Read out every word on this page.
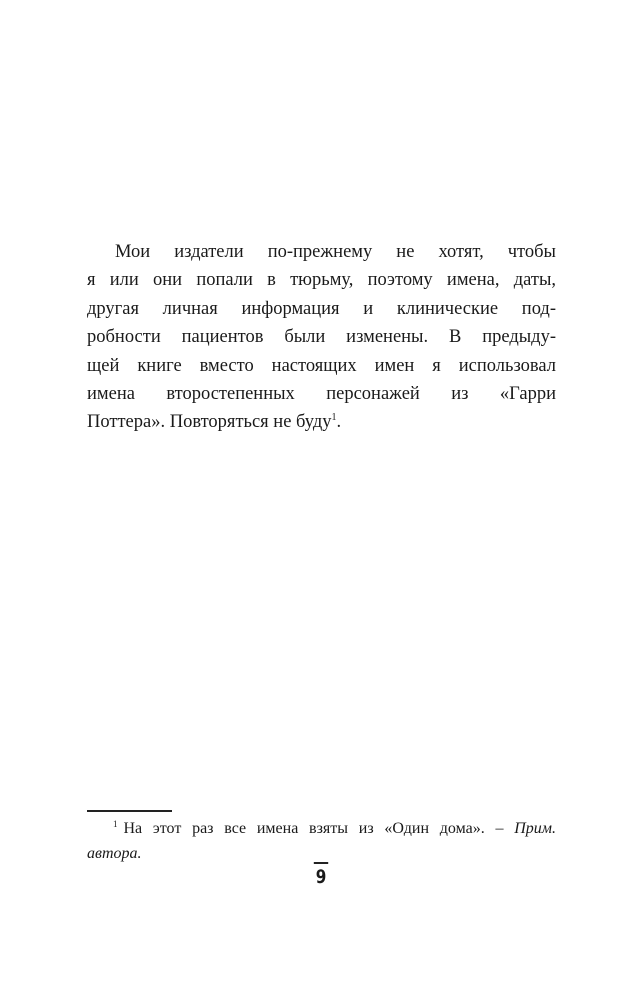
Мои издатели по-прежнему не хотят, чтобы
я или они попали в тюрьму, поэтому имена, даты,
другая личная информация и клинические под-
робности пациентов были изменены. В предыду-
щей книге вместо настоящих имен я использовал
имена второстепенных персонажей из «Гарри
Поттера». Повторяться не буду$^1$.
$^1$ На этот раз все имена взяты из «Один дома». – Прим.
автора.
9
